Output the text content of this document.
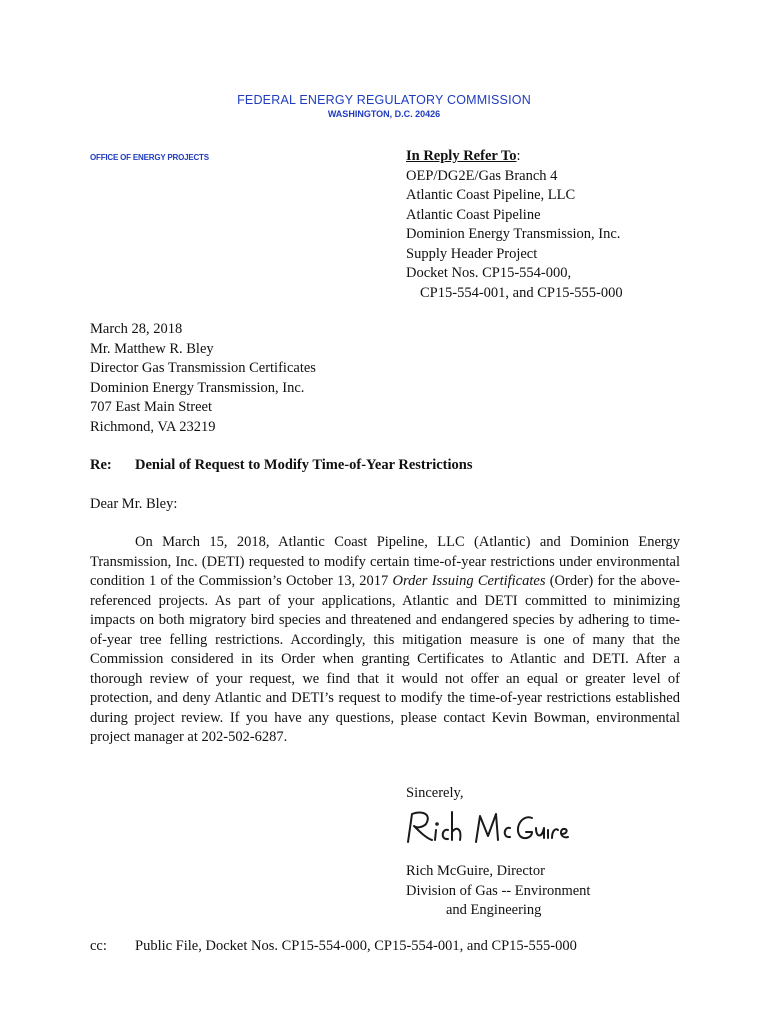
FEDERAL ENERGY REGULATORY COMMISSION
WASHINGTON, D.C. 20426
OFFICE OF ENERGY PROJECTS	In Reply Refer To:
OEP/DG2E/Gas Branch 4
Atlantic Coast Pipeline, LLC
Atlantic Coast Pipeline
Dominion Energy Transmission, Inc.
Supply Header Project
Docket Nos. CP15-554-000,
CP15-554-001, and CP15-555-000
March 28, 2018
Mr. Matthew R. Bley
Director Gas Transmission Certificates
Dominion Energy Transmission, Inc.
707 East Main Street
Richmond, VA 23219
Re: Denial of Request to Modify Time-of-Year Restrictions
Dear Mr. Bley:
On March 15, 2018, Atlantic Coast Pipeline, LLC (Atlantic) and Dominion Energy Transmission, Inc. (DETI) requested to modify certain time-of-year restrictions under environmental condition 1 of the Commission’s October 13, 2017 Order Issuing Certificates (Order) for the above-referenced projects. As part of your applications, Atlantic and DETI committed to minimizing impacts on both migratory bird species and threatened and endangered species by adhering to time-of-year tree felling restrictions. Accordingly, this mitigation measure is one of many that the Commission considered in its Order when granting Certificates to Atlantic and DETI. After a thorough review of your request, we find that it would not offer an equal or greater level of protection, and deny Atlantic and DETI’s request to modify the time-of-year restrictions established during project review. If you have any questions, please contact Kevin Bowman, environmental project manager at 202-502-6287.
Sincerely,
Rich McGuire, Director
Division of Gas -- Environment
and Engineering
cc: Public File, Docket Nos. CP15-554-000, CP15-554-001, and CP15-555-000
